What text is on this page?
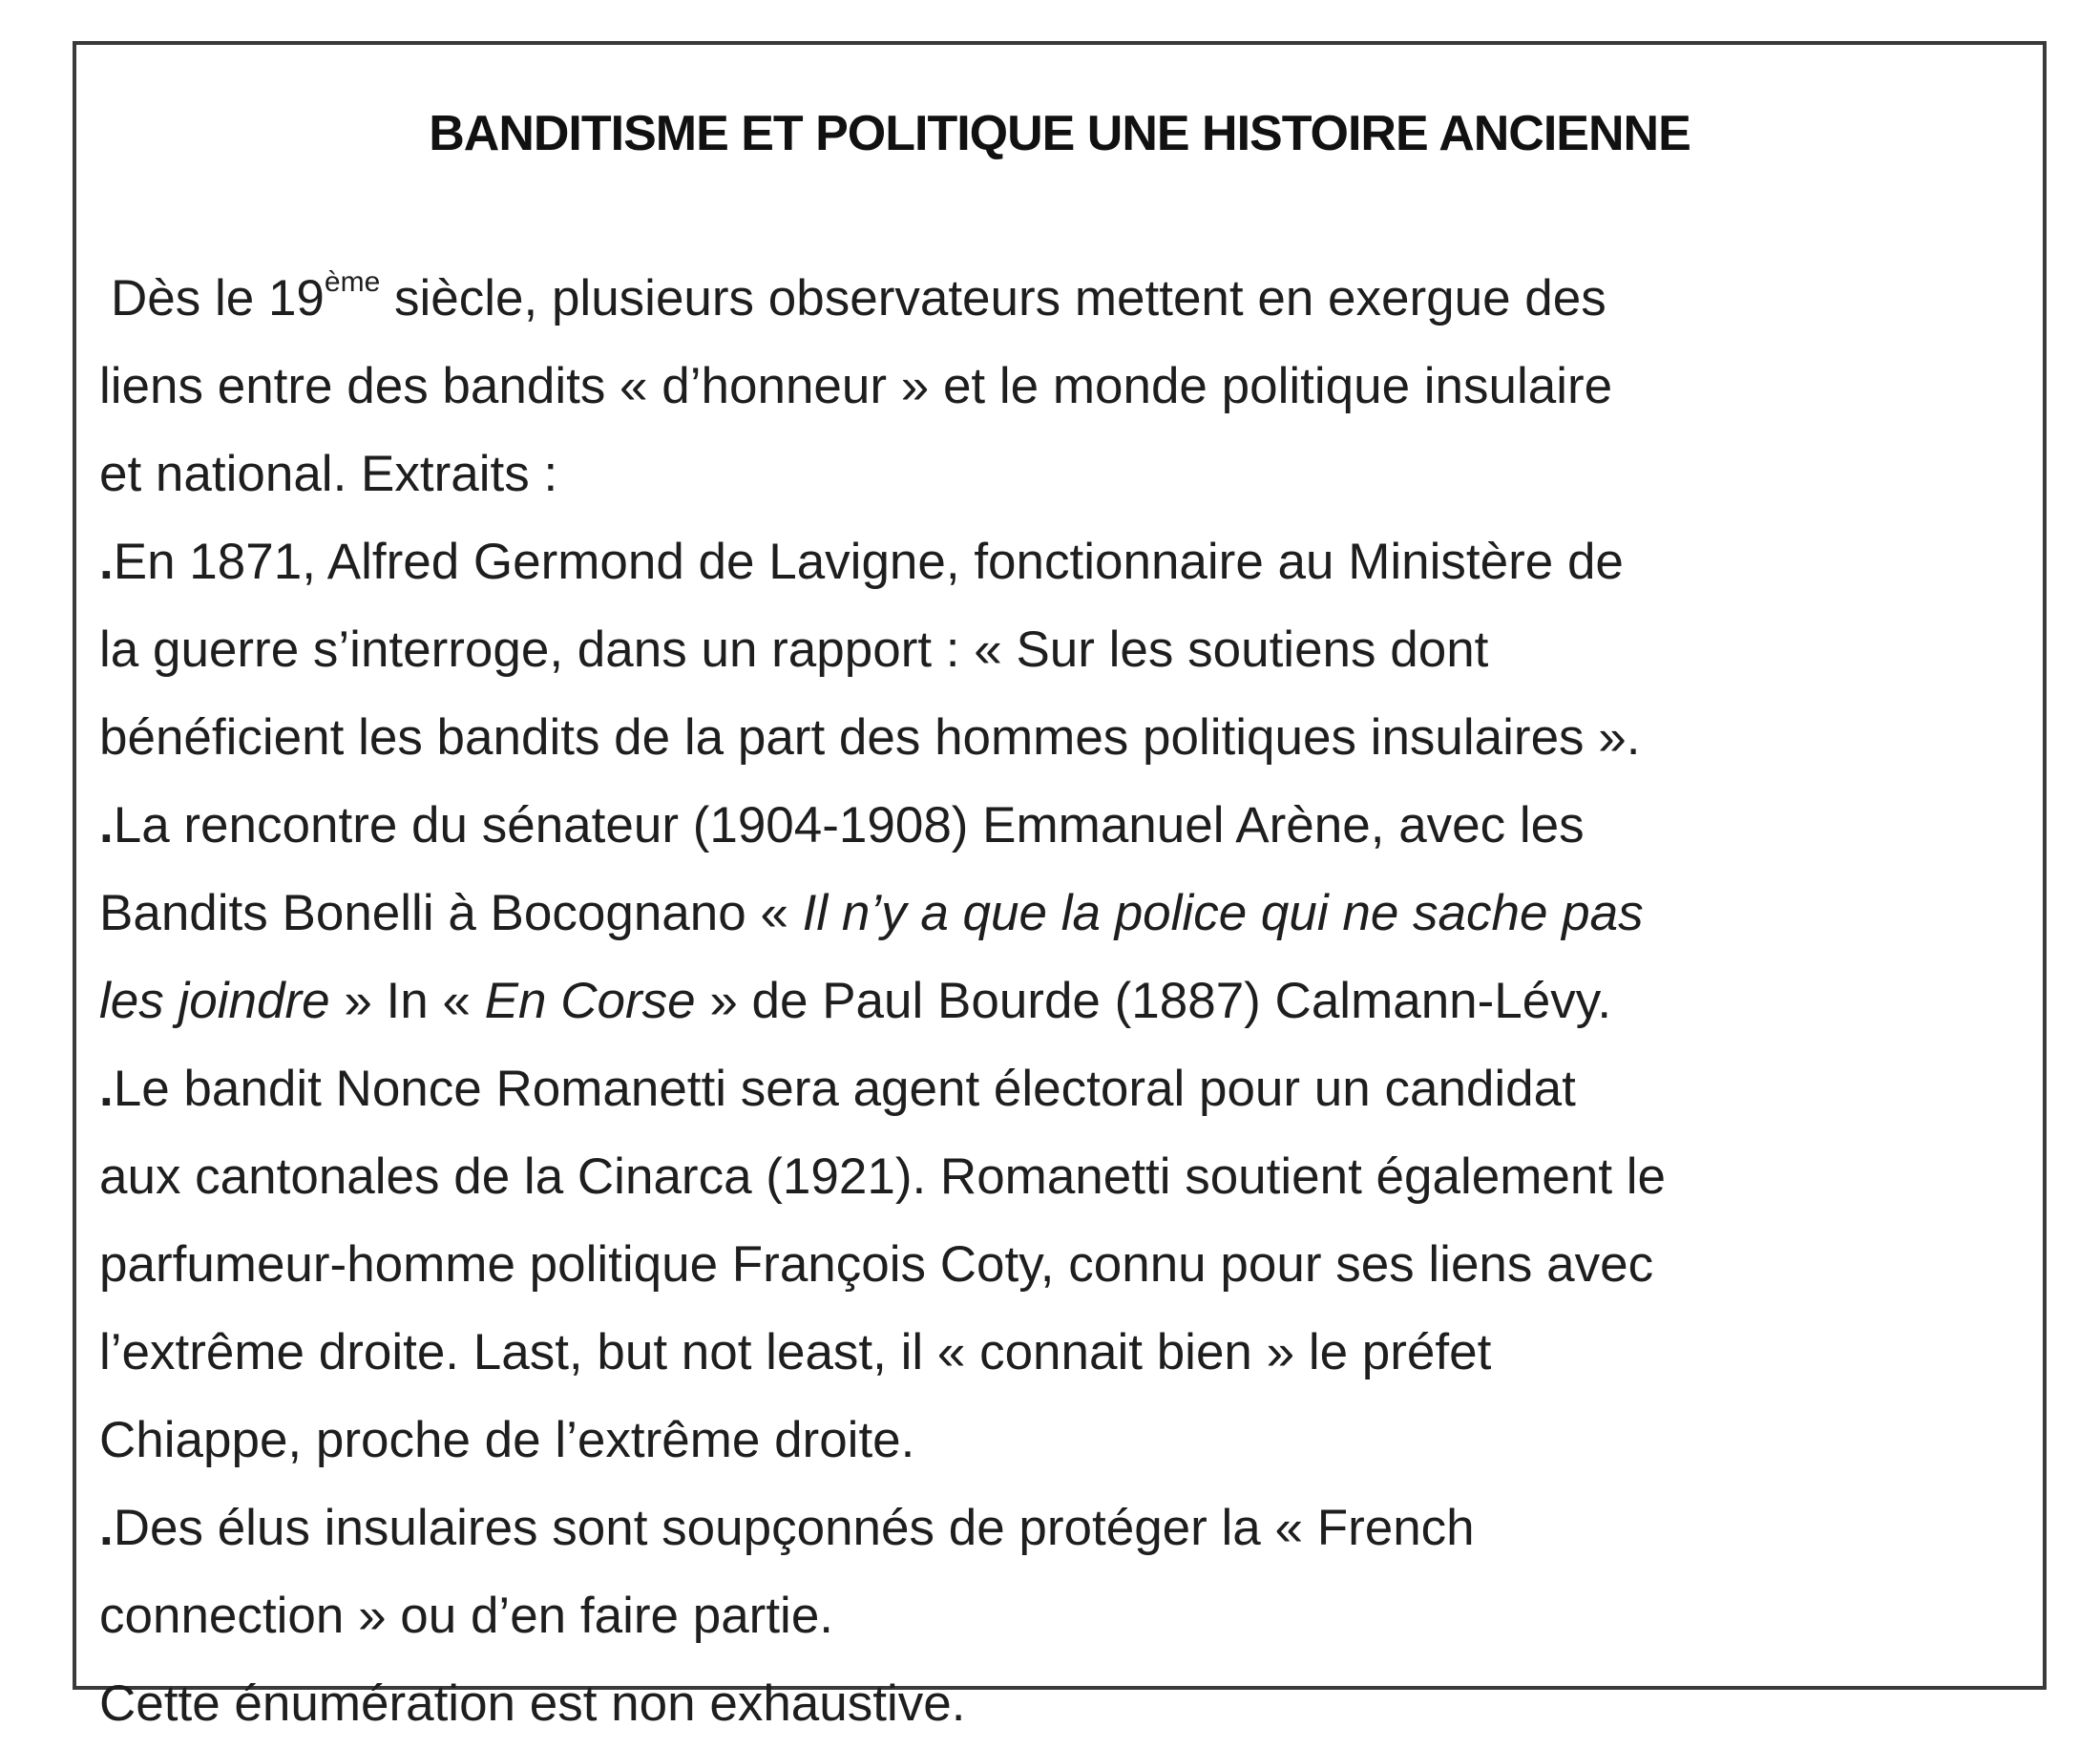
BANDITISME ET POLITIQUE UNE HISTOIRE ANCIENNE
Dès le 19ème siècle, plusieurs observateurs mettent en exergue des
liens entre des bandits « d’honneur » et le monde politique insulaire
et national. Extraits :
.En 1871, Alfred Germond de Lavigne, fonctionnaire au Ministère de
la guerre s’interroge, dans un rapport : « Sur les soutiens dont
bénéficient les bandits de la part des hommes politiques insulaires ».
.La rencontre du sénateur (1904-1908) Emmanuel Arène, avec les
Bandits Bonelli à Bocognano « Il n’y a que la police qui ne sache pas
les joindre » In « En Corse » de Paul Bourde (1887) Calmann-Lévy.
.Le bandit Nonce Romanetti sera agent électoral pour un candidat
aux cantonales de la Cinarca (1921). Romanetti soutient également le
parfumeur-homme politique François Coty, connu pour ses liens avec
l’extrême droite. Last, but not least, il « connait bien » le préfet
Chiappe, proche de l’extrême droite.
.Des élus insulaires sont soupçonnés de protéger la « French
connection » ou d’en faire partie.
Cette énumération est non exhaustive.
